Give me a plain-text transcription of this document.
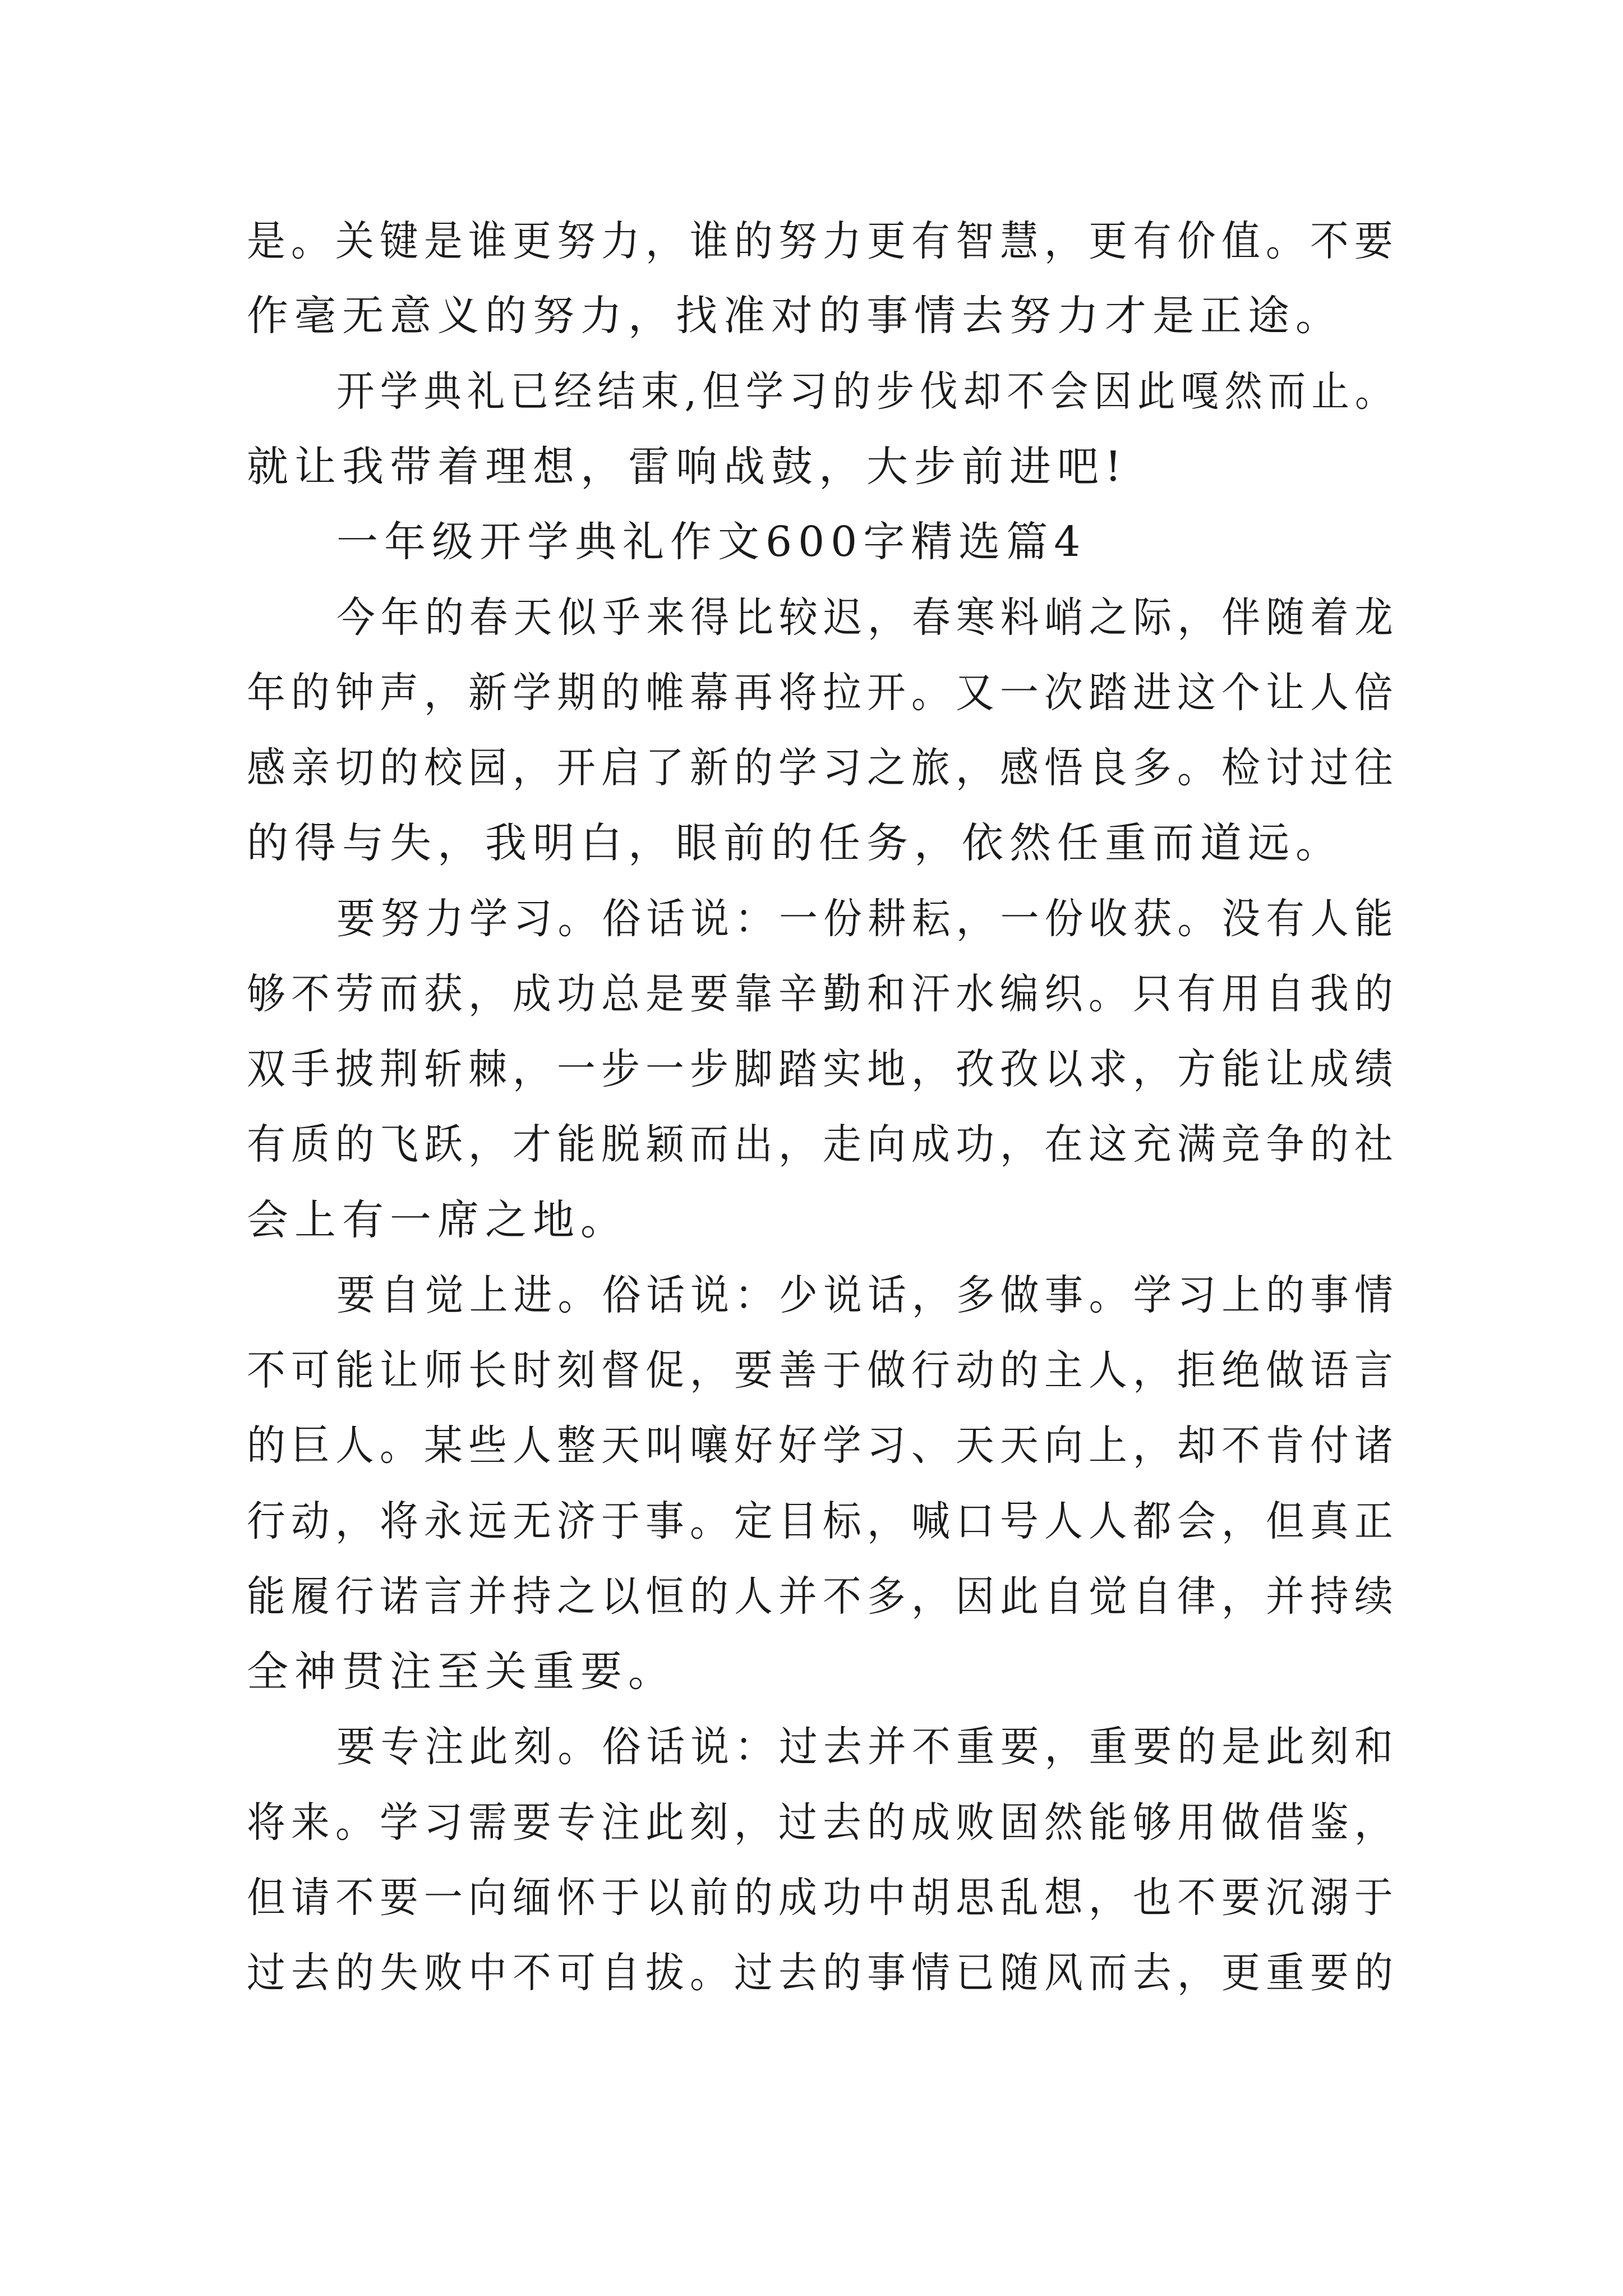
是。关键是谁更努力，谁的努力更有智慧，更有价值。不要
作毫无意义的努力，找准对的事情去努力才是正途。
开学典礼已经结束,但学习的步伐却不会因此嘎然而止。
就让我带着理想，雷响战鼓，大步前进吧!
一年级开学典礼作文600字精选篇4
今年的春天似乎来得比较迟，春寒料峭之际，伴随着龙
年的钟声，新学期的帷幕再将拉开。又一次踏进这个让人倍
感亲切的校园，开启了新的学习之旅，感悟良多。检讨过往
的得与失，我明白，眼前的任务，依然任重而道远。
要努力学习。俗话说：一份耕耘，一份收获。没有人能
够不劳而获，成功总是要靠辛勤和汗水编织。只有用自我的
双手披荆斩棘，一步一步脚踏实地，孜孜以求，方能让成绩
有质的飞跃，才能脱颖而出，走向成功，在这充满竞争的社
会上有一席之地。
要自觉上进。俗话说：少说话，多做事。学习上的事情
不可能让师长时刻督促，要善于做行动的主人，拒绝做语言
的巨人。某些人整天叫嚷好好学习、天天向上，却不肯付诸
行动，将永远无济于事。定目标，喊口号人人都会，但真正
能履行诺言并持之以恒的人并不多，因此自觉自律，并持续
全神贯注至关重要。
要专注此刻。俗话说：过去并不重要，重要的是此刻和
将来。学习需要专注此刻，过去的成败固然能够用做借鉴，
但请不要一向缅怀于以前的成功中胡思乱想，也不要沉溺于
过去的失败中不可自拔。过去的事情已随风而去，更重要的
